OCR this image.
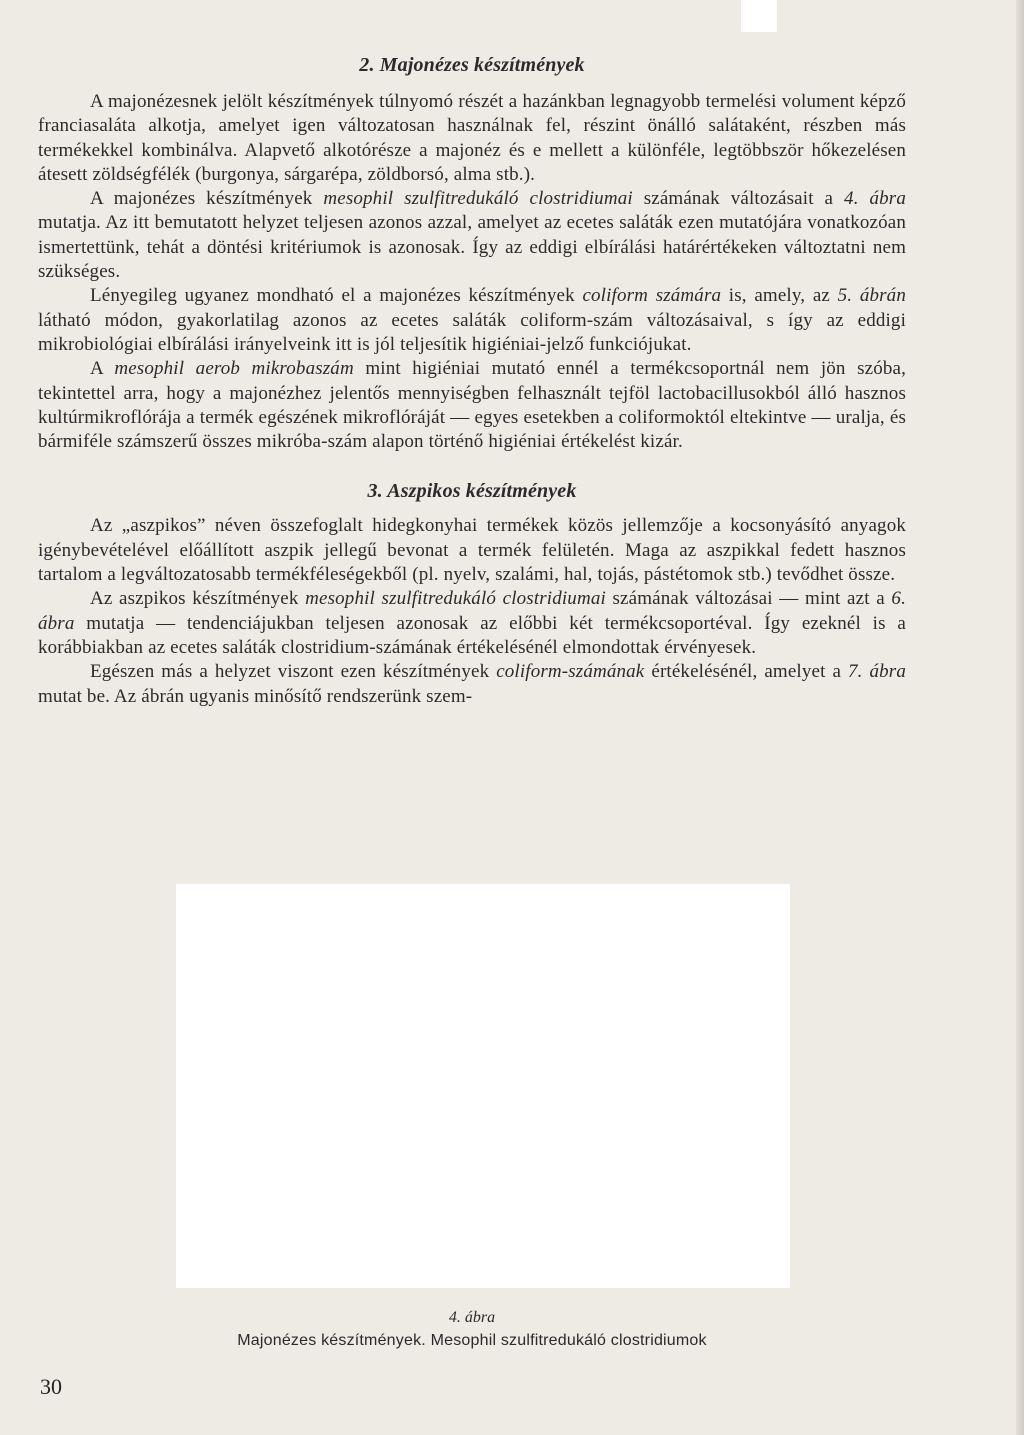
2. Majonézes készítmények

A majonézesnek jelölt készítmények túlnyomó részét a hazánkban legnagyobb termelési volument képző franciasaláta alkotja, amelyet igen változatosan használnak fel, részint önálló salátaként, részben más termékekkel kombinálva. Alapvető alkotórésze a majonéz és e mellett a különféle, legtöbbször hőkezelésen átesett zöldségfélék (burgonya, sárgarépa, zöldborsó, alma stb.).

A majonézes készítmények mesophil szulfitredukáló clostridiumai számának változásait a 4. ábra mutatja. Az itt bemutatott helyzet teljesen azonos azzal, amelyet az ecetes saláták ezen mutatójára vonatkozóan ismertettünk, tehát a döntési kritériumok is azonosak. Így az eddigi elbírálási határértékeken változtatni nem szükséges.

Lényegileg ugyanez mondható el a majonézes készítmények coliform számára is, amely, az 5. ábrán látható módon, gyakorlatilag azonos az ecetes saláták coliform-szám változásaival, s így az eddigi mikrobiológiai elbírálási irányelveink itt is jól teljesítik higiéniai-jelző funkciójukat.

A mesophil aerob mikrobaszám mint higiéniai mutató ennél a termékcsoportnál nem jön szóba, tekintettel arra, hogy a majonézhez jelentős mennyiségben felhasznált tejföl lactobacillusokból álló hasznos kultúrmikroflórája a termék egészének mikroflóráját — egyes esetekben a coliformoktól eltekintve — uralja, és bármiféle számszerű összes mikróba-szám alapon történő higiéniai értékelést kizár.

3. Aszpikos készítmények

Az „aszpikos” néven összefoglalt hidegkonyhai termékek közös jellemzője a kocsonyásító anyagok igénybevételével előállított aszpik jellegű bevonat a termék felületén. Maga az aszpikkal fedett hasznos tartalom a legváltozatosabb termékféleségekből (pl. nyelv, szalámi, hal, tojás, pástétomok stb.) tevődhet össze.

Az aszpikos készítmények mesophil szulfitredukáló clostridiumai számának változásai — mint azt a 6. ábra mutatja — tendenciájukban teljesen azonosak az előbbi két termékcsoportéval. Így ezeknél is a korábbiakban az ecetes saláták clostridium-számának értékelésénél elmondottak érvényesek.

Egészen más a helyzet viszont ezen készítmények coliform-számának értékelésénél, amelyet a 7. ábra mutat be. Az ábrán ugyanis minősítő rendszerünk szem-

4. ábra
Majonézes készítmények. Mesophil szulfitredukáló clostridiumok
30
